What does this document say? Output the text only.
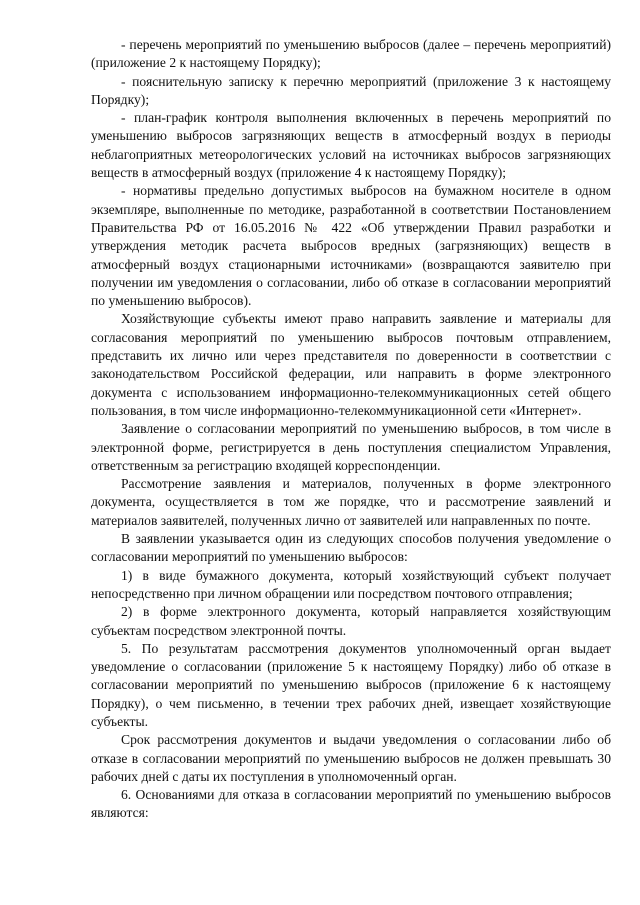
- перечень мероприятий по уменьшению выбросов (далее – перечень мероприятий) (приложение 2 к настоящему Порядку);

- пояснительную записку к перечню мероприятий (приложение 3 к настоящему Порядку);

- план-график контроля выполнения включенных в перечень мероприятий по уменьшению выбросов загрязняющих веществ в атмосферный воздух в периоды неблагоприятных метеорологических условий на источниках выбросов загрязняющих веществ в атмосферный воздух (приложение 4 к настоящему Порядку);

- нормативы предельно допустимых выбросов на бумажном носителе в одном экземпляре, выполненные по методике, разработанной в соответствии Постановлением Правительства РФ от 16.05.2016 № 422 «Об утверждении Правил разработки и утверждения методик расчета выбросов вредных (загрязняющих) веществ в атмосферный воздух стационарными источниками» (возвращаются заявителю при получении им уведомления о согласовании, либо об отказе в согласовании мероприятий по уменьшению выбросов).

Хозяйствующие субъекты имеют право направить заявление и материалы для согласования мероприятий по уменьшению выбросов почтовым отправлением, представить их лично или через представителя по доверенности в соответствии с законодательством Российской федерации, или направить в форме электронного документа с использованием информационно-телекоммуникационных сетей общего пользования, в том числе информационно-телекоммуникационной сети «Интернет».

Заявление о согласовании мероприятий по уменьшению выбросов, в том числе в электронной форме, регистрируется в день поступления специалистом Управления, ответственным за регистрацию входящей корреспонденции.

Рассмотрение заявления и материалов, полученных в форме электронного документа, осуществляется в том же порядке, что и рассмотрение заявлений и материалов заявителей, полученных лично от заявителей или направленных по почте.

В заявлении указывается один из следующих способов получения уведомление о согласовании мероприятий по уменьшению выбросов:

1) в виде бумажного документа, который хозяйствующий субъект получает непосредственно при личном обращении или посредством почтового отправления;

2) в форме электронного документа, который направляется хозяйствующим субъектам посредством электронной почты.

5. По результатам рассмотрения документов уполномоченный орган выдает уведомление о согласовании (приложение 5 к настоящему Порядку) либо об отказе в согласовании мероприятий по уменьшению выбросов (приложение 6 к настоящему Порядку), о чем письменно, в течении трех рабочих дней, извещает хозяйствующие субъекты.

Срок рассмотрения документов и выдачи уведомления о согласовании либо об отказе в согласовании мероприятий по уменьшению выбросов не должен превышать 30 рабочих дней с даты их поступления в уполномоченный орган.

6. Основаниями для отказа в согласовании мероприятий по уменьшению выбросов являются:
